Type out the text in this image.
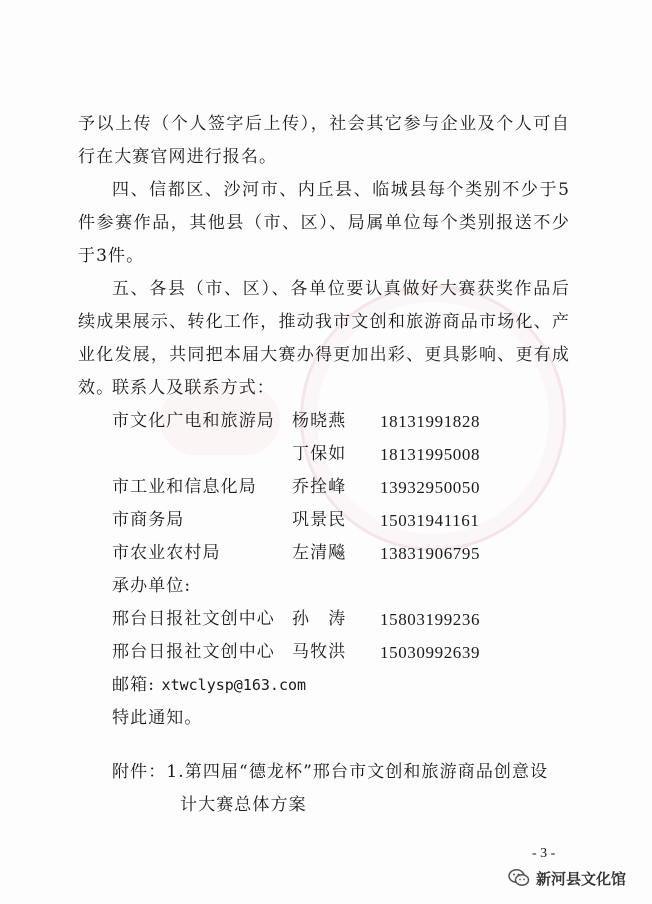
予以上传（个人签字后上传），社会其它参与企业及个人可自行在大赛官网进行报名。
四、信都区、沙河市、内丘县、临城县每个类别不少于5件参赛作品，其他县（市、区）、局属单位每个类别报送不少于3件。
五、各县（市、区）、各单位要认真做好大赛获奖作品后续成果展示、转化工作，推动我市文创和旅游商品市场化、产业化发展，共同把本届大赛办得更加出彩、更具影响、更有成效。
联系人及联系方式：
市文化广电和旅游局 杨晓燕 18131991828
丁保如 18131995008
市工业和信息化局 乔拴峰 13932950050
市商务局	巩景民 15031941161
市农业农村局	左清飚 13831906795
承办单位:
邢台日报社文创中心 孙　涛 15803199236
邢台日报社文创中心 马牧洪 15030992639
邮箱: xtwclysp@163.com
特此通知。
附件：1.第四届“德龙杯”邢台市文创和旅游商品创意设
计大赛总体方案
- 3 -
新河县文化馆
